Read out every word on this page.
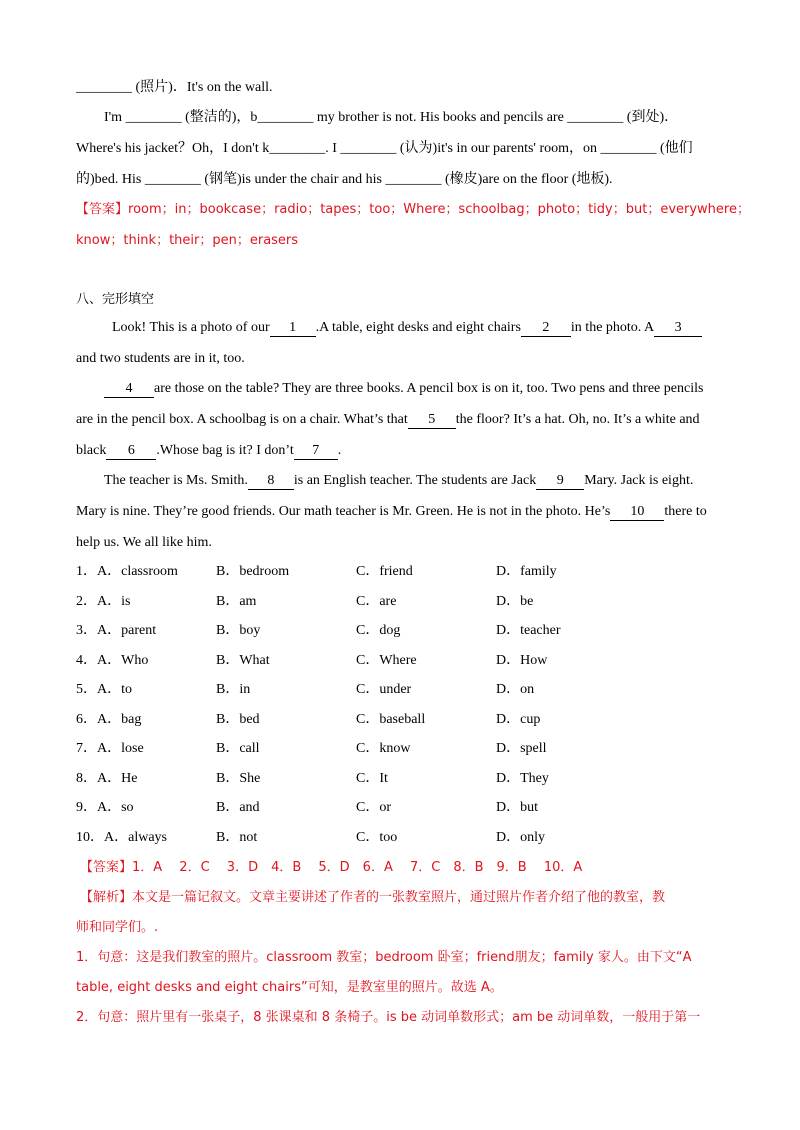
________ (照片)．It's on the wall.
I'm ________ (整洁的)，b________ my brother is not. His books and pencils are ________ (到处)．
Where's his jacket？Oh，I don't k________. I ________ (认为)it's in our parents' room，on ________ (他们
的)bed. His ________ (钢笔)is under the chair and his ________ (橡皮)are on the floor (地板).
【答案】room；in；bookcase；radio；tapes；too；Where；schoolbag；photo；tidy；but；everywhere；
know；think；their；pen；erasers
八、完形填空
Look! This is a photo of our 1 .A table, eight desks and eight chairs 2 in the photo. A 3
and two students are in it, too.
4 are those on the table? They are three books. A pencil box is on it, too. Two pens and three pencils
are in the pencil box. A schoolbag is on a chair. What’s that 5 the floor? It’s a hat. Oh, no. It’s a white and
black 6 .Whose bag is it? I don’t 7 .
The teacher is Ms. Smith. 8 is an English teacher. The students are Jack 9 Mary. Jack is eight.
Mary is nine. They’re good friends. Our math teacher is Mr. Green. He is not in the photo. He’s 10 there to
help us. We all like him.
1．A．classroom	B．bedroom	C．friend	D．family
2．A．is	B．am	C．are	D．be
3．A．parent	B．boy	C．dog	D．teacher
4．A．Who	B．What	C．Where	D．How
5．A．to	B．in	C．under	D．on
6．A．bag	B．bed	C．baseball	D．cup
7．A．lose	B．call	C．know	D．spell
8．A．He	B．She	C．It	D．They
9．A．so	B．and	C．or	D．but
10．A．always	B．not	C．too	D．only
【答案】1．A　 2．C　 3．D　4．B　 5．D　6．A　 7．C　8．B　9．B　 10．A
【解析】本文是一篇记叙文。文章主要讲述了作者的一张教室照片，通过照片作者介绍了他的教室，教
师和同学们。.
1．句意：这是我们教室的照片。classroom 教室；bedroom 卧室；friend朋友；family 家人。由下文“A
table, eight desks and eight chairs”可知，是教室里的照片。故选 A。
2．句意：照片里有一张桌子，8 张课桌和 8 条椅子。is be 动词单数形式；am be 动词单数，一般用于第一
